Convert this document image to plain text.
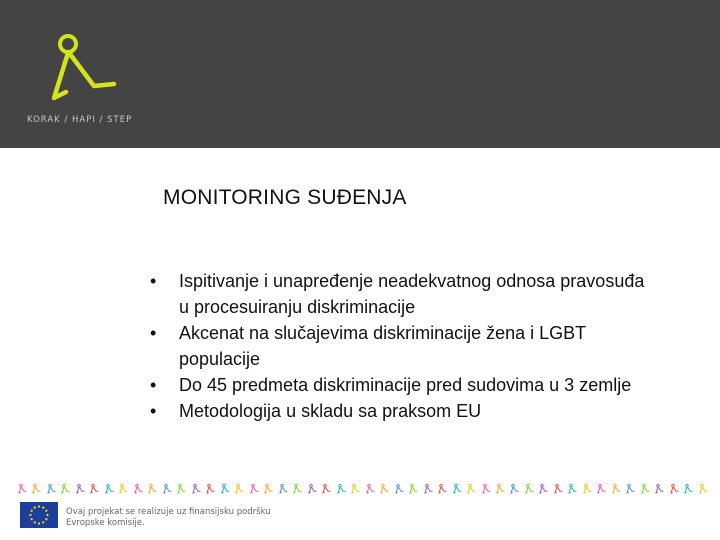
KORAK / HAPI / STEP
MONITORING SUĐENJA
• Ispitivanje i unapređenje neadekvatnog odnosa pravosuđa u procesuiranju diskriminacije
• Akcenat na slučajevima diskriminacije žena i LGBT populacije
• Do 45 predmeta diskriminacije pred sudovima u 3 zemlje
• Metodologija u skladu sa praksom EU
Ovaj projekat se realizuje uz finansijsku podršku
Evropske komisije.
